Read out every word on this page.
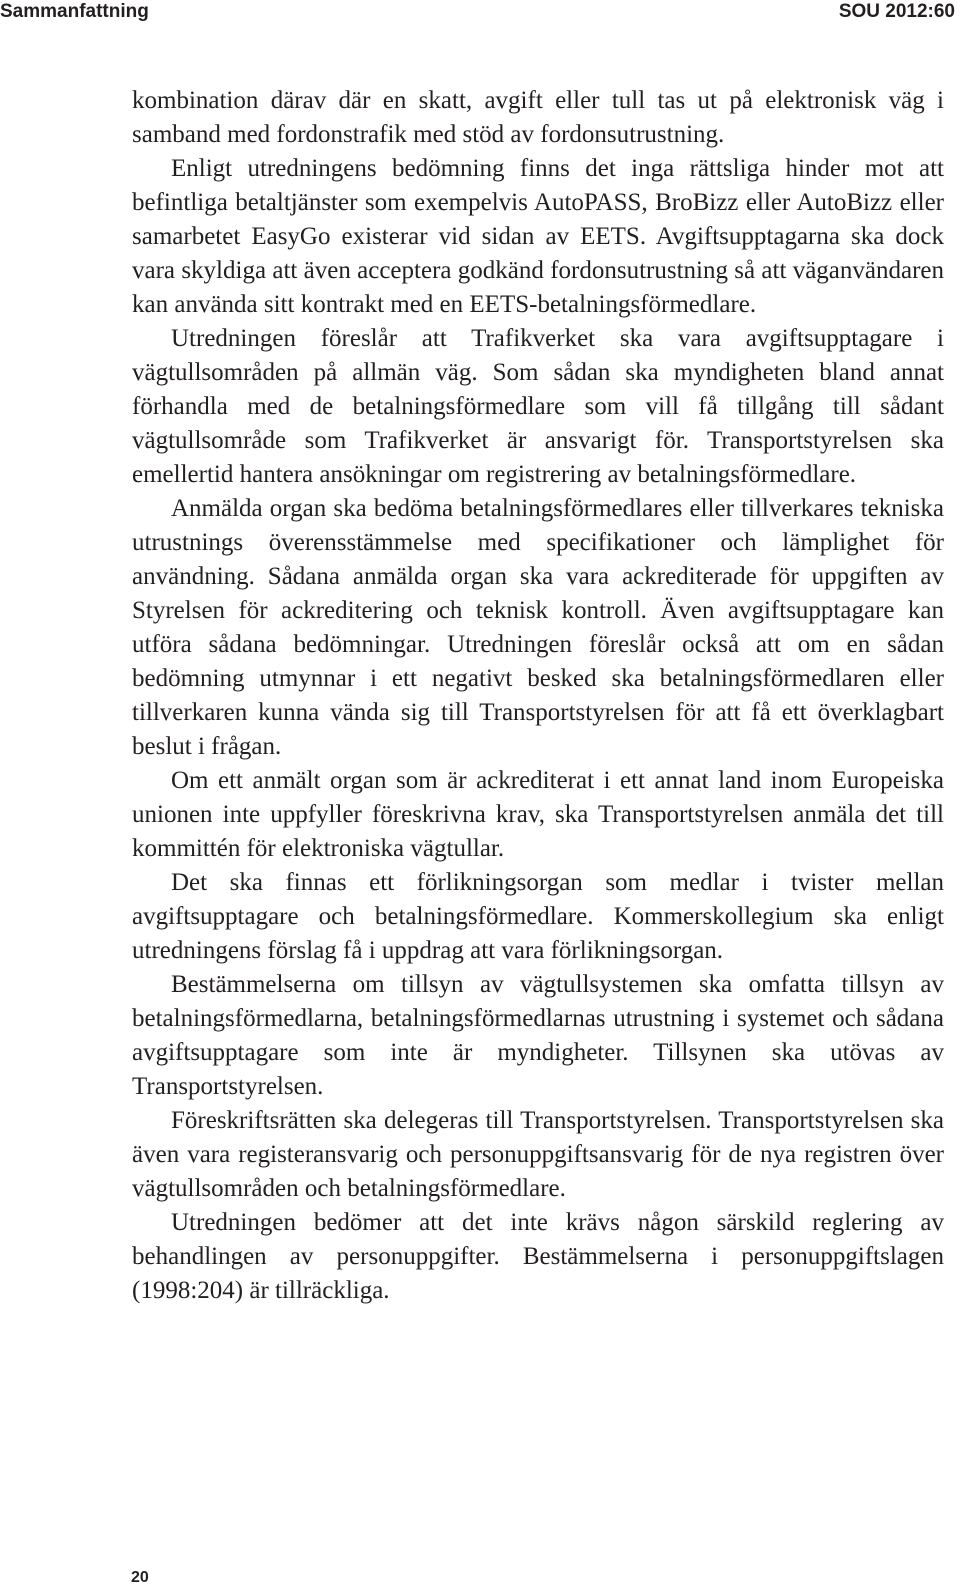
Sammanfattning	SOU 2012:60

kombination därav där en skatt, avgift eller tull tas ut på elektronisk väg i samband med fordonstrafik med stöd av fordonsutrustning.

Enligt utredningens bedömning finns det inga rättsliga hinder mot att befintliga betaltjänster som exempelvis AutoPASS, BroBizz eller AutoBizz eller samarbetet EasyGo existerar vid sidan av EETS. Avgiftsupptagarna ska dock vara skyldiga att även acceptera godkänd fordonsutrustning så att väganvändaren kan använda sitt kontrakt med en EETS-betalningsförmedlare.

Utredningen föreslår att Trafikverket ska vara avgiftsupptagare i vägtullsområden på allmän väg. Som sådan ska myndigheten bland annat förhandla med de betalningsförmedlare som vill få tillgång till sådant vägtullsområde som Trafikverket är ansvarigt för. Transportstyrelsen ska emellertid hantera ansökningar om registrering av betalningsförmedlare.

Anmälda organ ska bedöma betalningsförmedlares eller tillverkares tekniska utrustnings överensstämmelse med specifikationer och lämplighet för användning. Sådana anmälda organ ska vara ackrediterade för uppgiften av Styrelsen för ackreditering och teknisk kontroll. Även avgiftsupptagare kan utföra sådana bedömningar. Utredningen föreslår också att om en sådan bedömning utmynnar i ett negativt besked ska betalningsförmedlaren eller tillverkaren kunna vända sig till Transportstyrelsen för att få ett överklagbart beslut i frågan.

Om ett anmält organ som är ackrediterat i ett annat land inom Europeiska unionen inte uppfyller föreskrivna krav, ska Transportstyrelsen anmäla det till kommittén för elektroniska vägtullar.

Det ska finnas ett förlikningsorgan som medlar i tvister mellan avgiftsupptagare och betalningsförmedlare. Kommerskollegium ska enligt utredningens förslag få i uppdrag att vara förlikningsorgan.

Bestämmelserna om tillsyn av vägtullsystemen ska omfatta tillsyn av betalningsförmedlarna, betalningsförmedlarnas utrustning i systemet och sådana avgiftsupptagare som inte är myndigheter. Tillsynen ska utövas av Transportstyrelsen.

Föreskriftsrätten ska delegeras till Transportstyrelsen. Transportstyrelsen ska även vara registeransvarig och personuppgiftsansvarig för de nya registren över vägtullsområden och betalningsförmedlare.

Utredningen bedömer att det inte krävs någon särskild reglering av behandlingen av personuppgifter. Bestämmelserna i personuppgiftslagen (1998:204) är tillräckliga.

20
